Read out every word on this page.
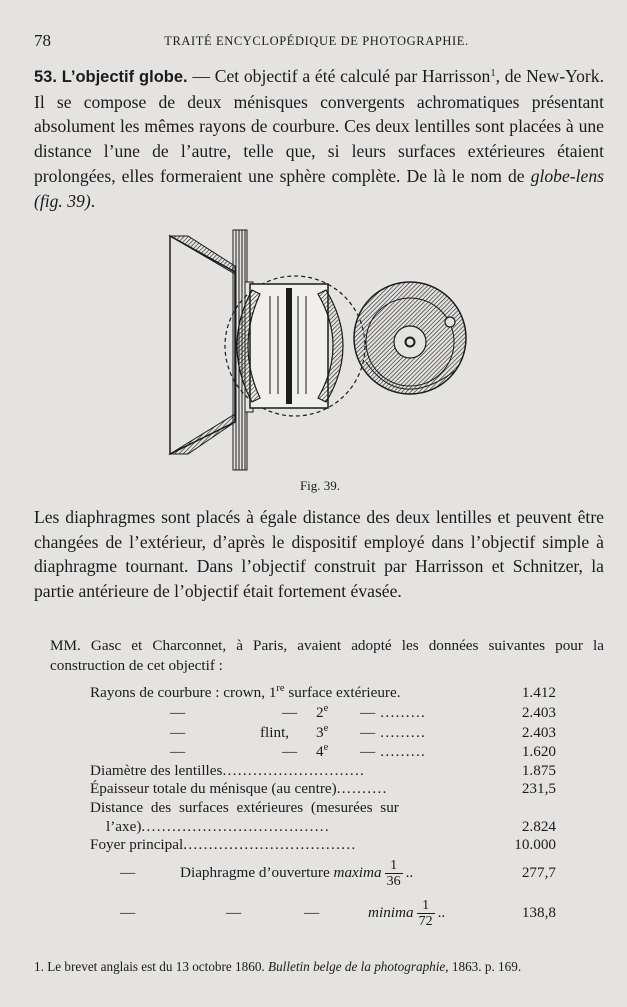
78	TRAITÉ ENCYCLOPÉDIQUE DE PHOTOGRAPHIE.
53. L’objectif globe. — Cet objectif a été calculé par Harrisson$^1$, de New-York. Il se compose de deux ménisques convergents achromatiques présentant absolument les mêmes rayons de courbure. Ces deux lentilles sont placées à une distance l’une de l’autre, telle que, si leurs surfaces extérieures étaient prolongées, elles formeraient une sphère complète. De là le nom de globe-lens (fig. 39).
Fig. 39.
Les diaphragmes sont placés à égale distance des deux lentilles et peuvent être changées de l’extérieur, d’après le dispositif employé dans l’objectif simple à diaphragme tournant. Dans l’objectif construit par Harrisson et Schnitzer, la partie antérieure de l’objectif était fortement évasée.
MM. Gasc et Charconnet, à Paris, avaient adopté les données suivantes pour la construction de cet objectif :
Rayons de courbure : crown, 1re surface extérieure.	1.412
—	— 2e — .........	2.403
—	flint, 3e — .........	2.403
—	— 4e — .........	1.620
Diamètre des lentilles............................	1.875
Épaisseur totale du ménisque (au centre)..........	231,5
Distance des surfaces extérieures (mesurées sur
l’axe).....................................	2.824
Foyer principal..................................	10.000
—	Diaphragme d’ouverture maxima $\frac{1}{36}$ ..	277,7
—	—	—	minima $\frac{1}{72}$ ..	138,8
1. Le brevet anglais est du 13 octobre 1860. Bulletin belge de la photographie, 1863. p. 169.
